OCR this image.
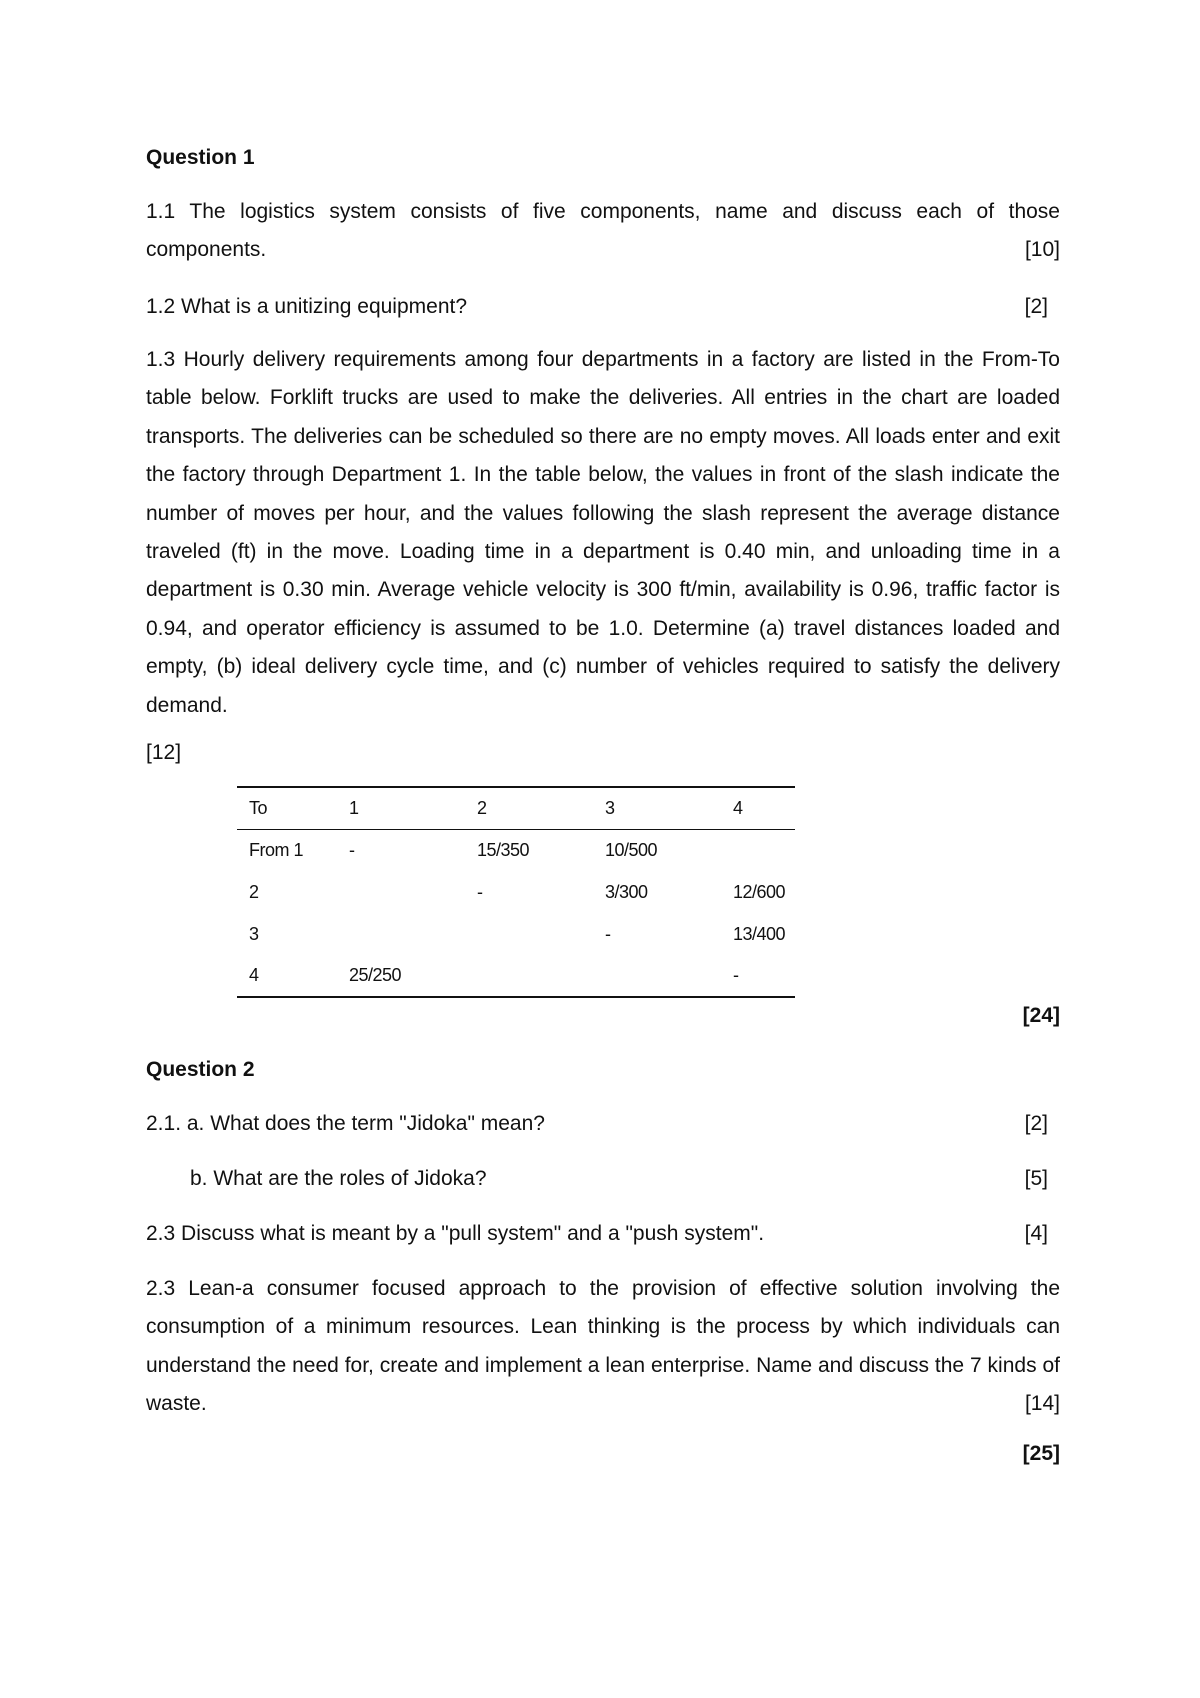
Question 1
1.1 The logistics system consists of five components, name and discuss each of those components.	[10]
1.2 What is a unitizing equipment?	[2]
1.3 Hourly delivery requirements among four departments in a factory are listed in the From-To table below. Forklift trucks are used to make the deliveries. All entries in the chart are loaded transports. The deliveries can be scheduled so there are no empty moves. All loads enter and exit the factory through Department 1. In the table below, the values in front of the slash indicate the number of moves per hour, and the values following the slash represent the average distance traveled (ft) in the move. Loading time in a department is 0.40 min, and unloading time in a department is 0.30 min. Average vehicle velocity is 300 ft/min, availability is 0.96, traffic factor is 0.94, and operator efficiency is assumed to be 1.0. Determine (a) travel distances loaded and empty, (b) ideal delivery cycle time, and (c) number of vehicles required to satisfy the delivery demand.
[12]
To	1	2	3	4
From 1	-	15/350	10/500	
2		-	3/300	12/600
3			-	13/400
4	25/250			-
[24]
Question 2
2.1. a. What does the term "Jidoka" mean?	[2]
b. What are the roles of Jidoka?	[5]
2.3 Discuss what is meant by a "pull system" and a "push system".	[4]
2.3 Lean-a consumer focused approach to the provision of effective solution involving the consumption of a minimum resources. Lean thinking is the process by which individuals can understand the need for, create and implement a lean enterprise. Name and discuss the 7 kinds of waste.	[14]
[25]
